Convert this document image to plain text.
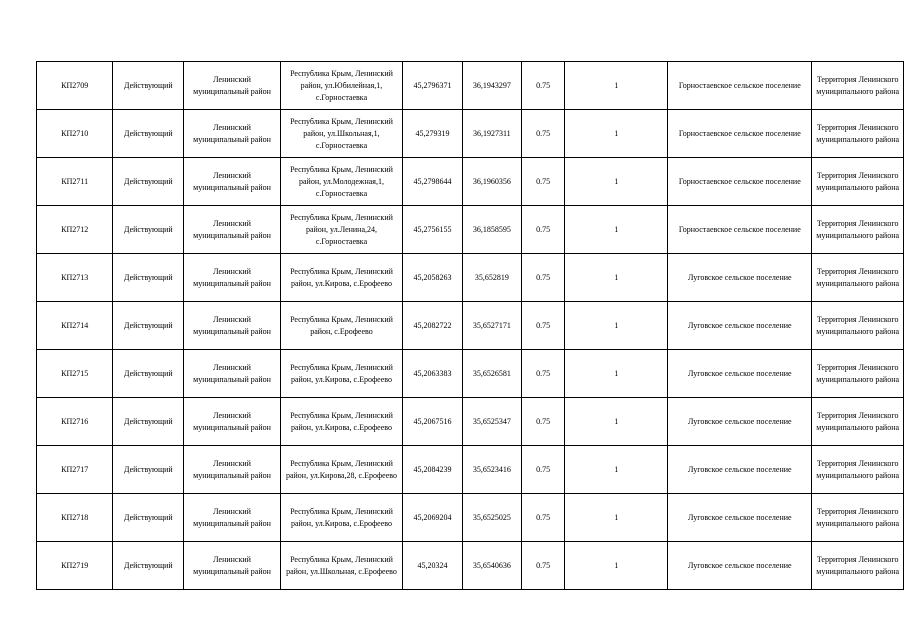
КП2709	Действующий	Ленинский муниципальный район	Республика Крым, Ленинский район, ул.Юбилейная,1, с.Горностаевка	45,2796371	36,1943297	0.75	1	Горностаевское сельское поселение	Территория Ленинского муниципального района
КП2710	Действующий	Ленинский муниципальный район	Республика Крым, Ленинский район, ул.Школьная,1, с.Горностаевка	45,279319	36,1927311	0.75	1	Горностаевское сельское поселение	Территория Ленинского муниципального района
КП2711	Действующий	Ленинский муниципальный район	Республика Крым, Ленинский район, ул.Молодежная,1, с.Горностаевка	45,2798644	36,1960356	0.75	1	Горностаевское сельское поселение	Территория Ленинского муниципального района
КП2712	Действующий	Ленинский муниципальный район	Республика Крым, Ленинский район, ул.Ленина,24, с.Горностаевка	45,2756155	36,1858595	0.75	1	Горностаевское сельское поселение	Территория Ленинского муниципального района
КП2713	Действующий	Ленинский муниципальный район	Республика Крым, Ленинский район, ул.Кирова, с.Ерофеево	45,2058263	35,652819	0.75	1	Луговское сельское поселение	Территория Ленинского муниципального района
КП2714	Действующий	Ленинский муниципальный район	Республика Крым, Ленинский район, с.Ерофеево	45,2082722	35,6527171	0.75	1	Луговское сельское поселение	Территория Ленинского муниципального района
КП2715	Действующий	Ленинский муниципальный район	Республика Крым, Ленинский район, ул.Кирова, с.Ерофеево	45,2063383	35,6526581	0.75	1	Луговское сельское поселение	Территория Ленинского муниципального района
КП2716	Действующий	Ленинский муниципальный район	Республика Крым, Ленинский район, ул.Кирова, с.Ерофеево	45,2067516	35,6525347	0.75	1	Луговское сельское поселение	Территория Ленинского муниципального района
КП2717	Действующий	Ленинский муниципальный район	Республика Крым, Ленинский район, ул.Кирова,28, с.Ерофеево	45,2084239	35,6523416	0.75	1	Луговское сельское поселение	Территория Ленинского муниципального района
КП2718	Действующий	Ленинский муниципальный район	Республика Крым, Ленинский район, ул.Кирова, с.Ерофеево	45,2069204	35,6525025	0.75	1	Луговское сельское поселение	Территория Ленинского муниципального района
КП2719	Действующий	Ленинский муниципальный район	Республика Крым, Ленинский район, ул.Школьная, с.Ерофеево	45,20324	35,6540636	0.75	1	Луговское сельское поселение	Территория Ленинского муниципального района
